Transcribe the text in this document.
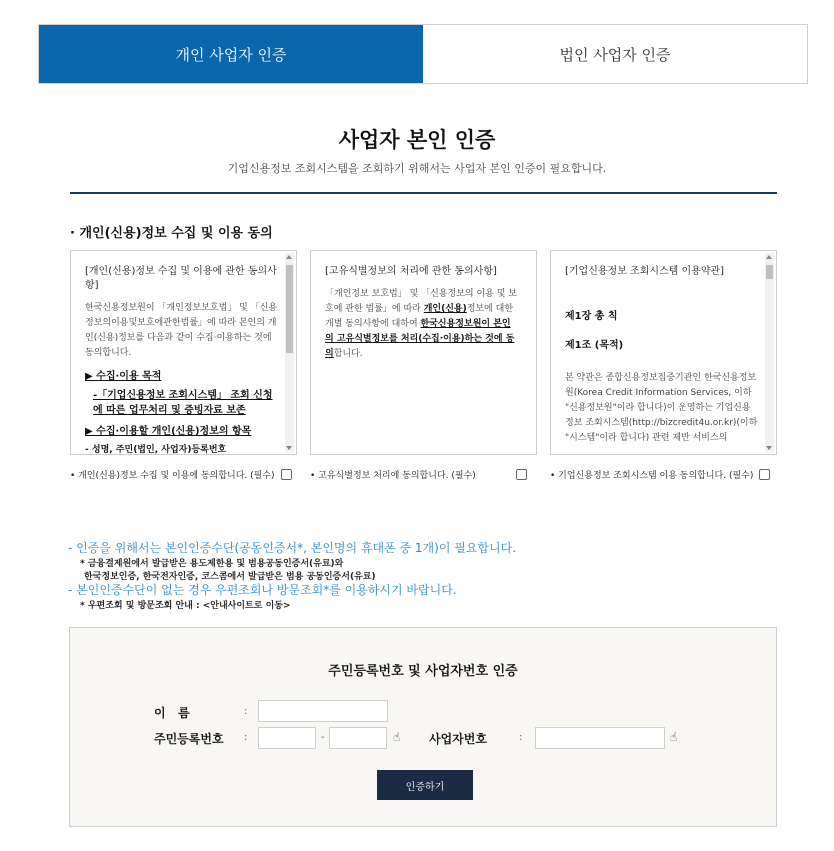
개인 사업자 인증	법인 사업자 인증
사업자 본인 인증
기업신용정보 조회시스템을 조회하기 위해서는 사업자 본인 인증이 필요합니다.
· 개인(신용)정보 수집 및 이용 동의
[개인(신용)정보 수집 및 이용에 관한 동의사항]

한국신용정보원이 「개인정보보호법」 및 「신용정보의이용및보호에관한법률」에 따라 본인의 개인(신용)정보를 다음과 같이 수집·이용하는 것에 동의합니다.

▶ 수집·이용 목적
-「기업신용정보 조회시스템」 조회 신청에 따른 업무처리 및 증빙자료 보존
▶ 수집·이용할 개인(신용)정보의 항목
- 성명, 주민(법인, 사업자)등록번호
[고유식별정보의 처리에 관한 동의사항]

「개인정보 보호법」 및 「신용정보의 이용 및 보호에 관한 법률」에 따라 개인(신용)정보에 대한 개별 동의사항에 대하여 한국신용정보원이 본인의 고유식별정보를 처리(수집·이용)하는 것에 동의합니다.

[기업신용정보 조회시스템 이용약관]
제1장 총 칙
제1조 (목적)

본 약관은 종합신용정보집중기관인 한국신용정보원(Korea Credit Information Services, 이하 "신용정보원"이라 합니다)이 운영하는 기업신용정보 조회시스템(http://bizcredit4u.or.kr)(이하 "시스템"이라 합니다) 관련 제반 서비스의

• 개인(신용)정보 수집 및 이용에 동의합니다. (필수)	• 고유식별정보 처리에 동의합니다. (필수)	• 기업신용정보 조회시스템 이용 동의합니다. (필수)
- 인증을 위해서는 본인인증수단(공동인증서*, 본인명의 휴대폰 중 1개)이 필요합니다.
* 금융결제원에서 발급받은 용도제한용 및 범용공동인증서(유료)와
한국정보인증, 한국전자인증, 코스콤에서 발급받은 범용 공동인증서(유료)
- 본인인증수단이 없는 경우 우편조회나 방문조회*를 이용하시기 바랍니다.
* 우편조회 및 방문조회 안내 : <안내사이트로 이동>
주민등록번호 및 사업자번호 인증
이   름	:
주민등록번호 :	-	☝ 사업자번호	:	☝
인증하기
